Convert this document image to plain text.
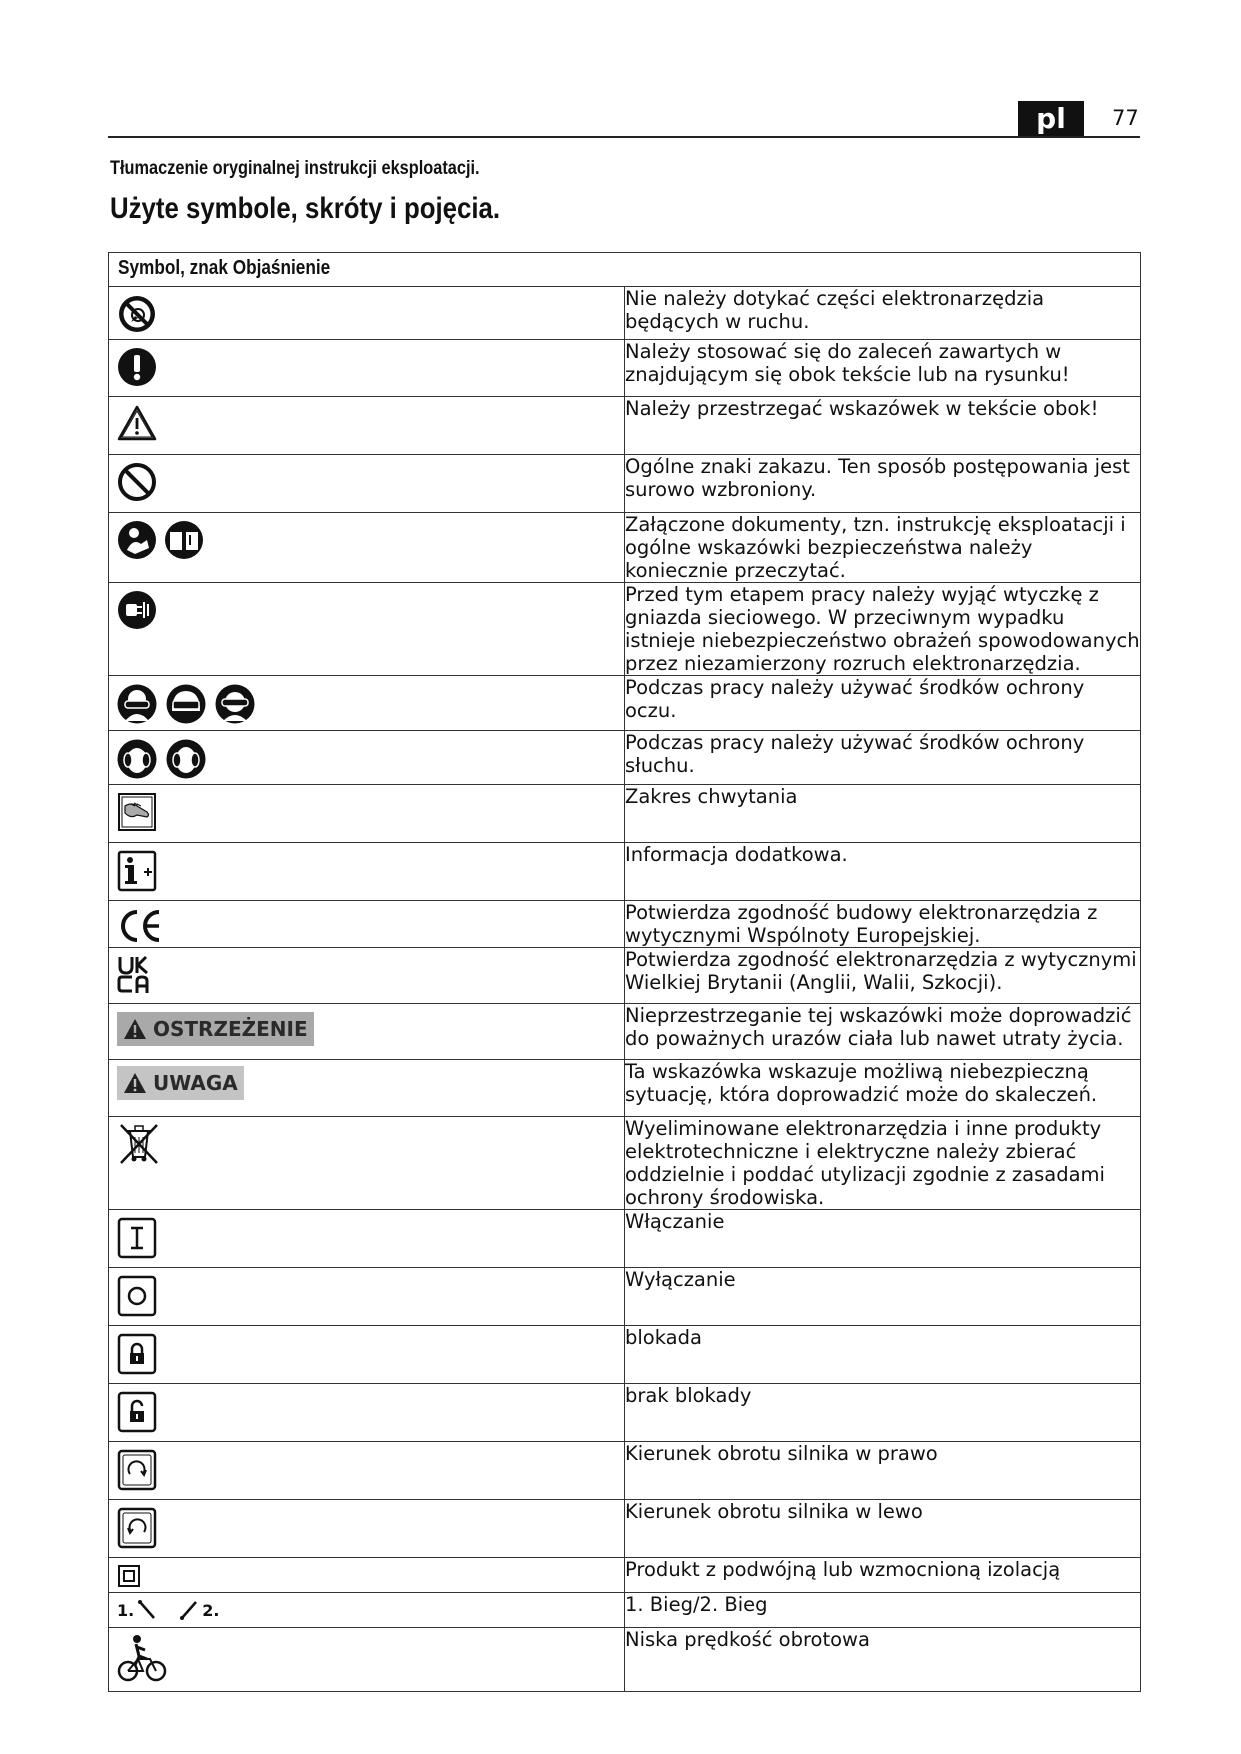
pl	77
Tłumaczenie oryginalnej instrukcji eksploatacji.
Użyte symbole, skróty i pojęcia.
Symbol, znak Objaśnienie	

	Nie należy dotykać części elektronarzędzia będących w ruchu.

	Należy stosować się do zaleceń zawartych w znajdującym się obok tekście lub na rysunku!

	Należy przestrzegać wskazówek w tekście obok!

	Ogólne znaki zakazu. Ten sposób postępowania jest surowo wzbroniony.

	Załączone dokumenty, tzn. instrukcję eksploatacji i ogólne wskazówki bezpieczeństwa należy koniecznie przeczytać.

	Przed tym etapem pracy należy wyjąć wtyczkę z gniazda sieciowego. W przeciwnym wypadku istnieje niebezpieczeństwo obrażeń spowodowanych przez niezamierzony rozruch elektronarzędzia.

	Podczas pracy należy używać środków ochrony oczu.

	Podczas pracy należy używać środków ochrony słuchu.

	Zakres chwytania

	Informacja dodatkowa.

	Potwierdza zgodność budowy elektronarzędzia z wytycznymi Wspólnoty Europejskiej.

	Potwierdza zgodność elektronarzędzia z wytycznymi Wielkiej Brytanii (Anglii, Walii, Szkocji).

OSTRZEŻENIE	Nieprzestrzeganie tej wskazówki może doprowadzić do poważnych urazów ciała lub nawet utraty życia.

UWAGA	Ta wskazówka wskazuje możliwą niebezpieczną sytuację, która doprowadzić może do skaleczeń.

	Wyeliminowane elektronarzędzia i inne produkty elektrotechniczne i elektryczne należy zbierać oddzielnie i poddać utylizacji zgodnie z zasadami ochrony środowiska.

	Włączanie

	Wyłączanie

	blokada

	brak blokady

	Kierunek obrotu silnika w prawo

	Kierunek obrotu silnika w lewo

	Produkt z podwójną lub wzmocnioną izolacją

1. 2.	1. Bieg/2. Bieg

	Niska prędkość obrotowa
